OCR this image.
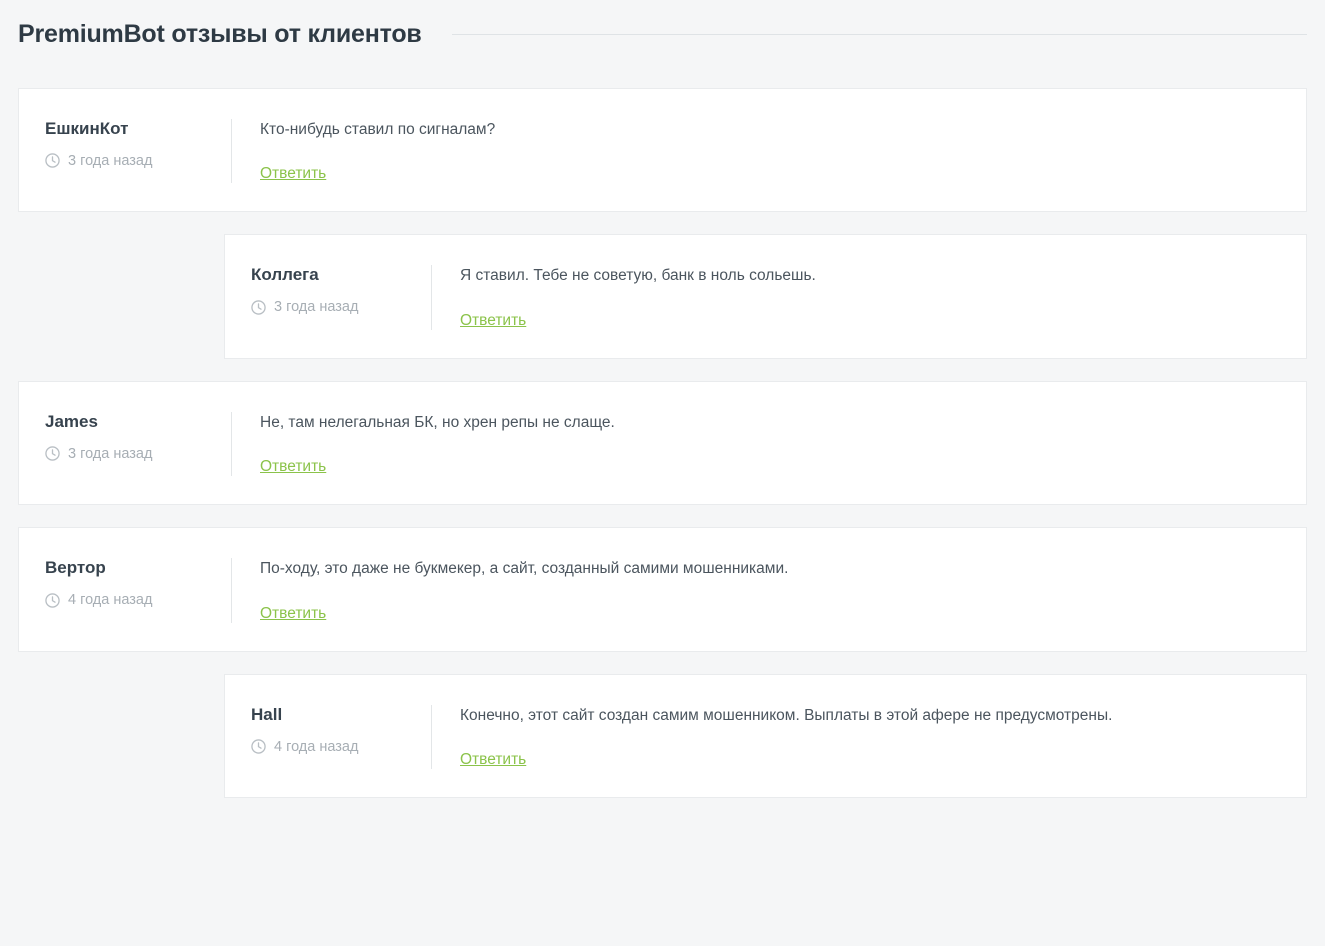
PremiumBot отзывы от клиентов
ЕшкинКот
3 года назад

Кто-нибудь ставил по сигналам?

Ответить
Коллега
3 года назад

Я ставил. Тебе не советую, банк в ноль сольешь.

Ответить
James
3 года назад

Не, там нелегальная БК, но хрен репы не слаще.

Ответить
Вертор
4 года назад

По-ходу, это даже не букмекер, а сайт, созданный самими мошенниками.

Ответить
Hall
4 года назад

Конечно, этот сайт создан самим мошенником. Выплаты в этой афере не предусмотрены.

Ответить
